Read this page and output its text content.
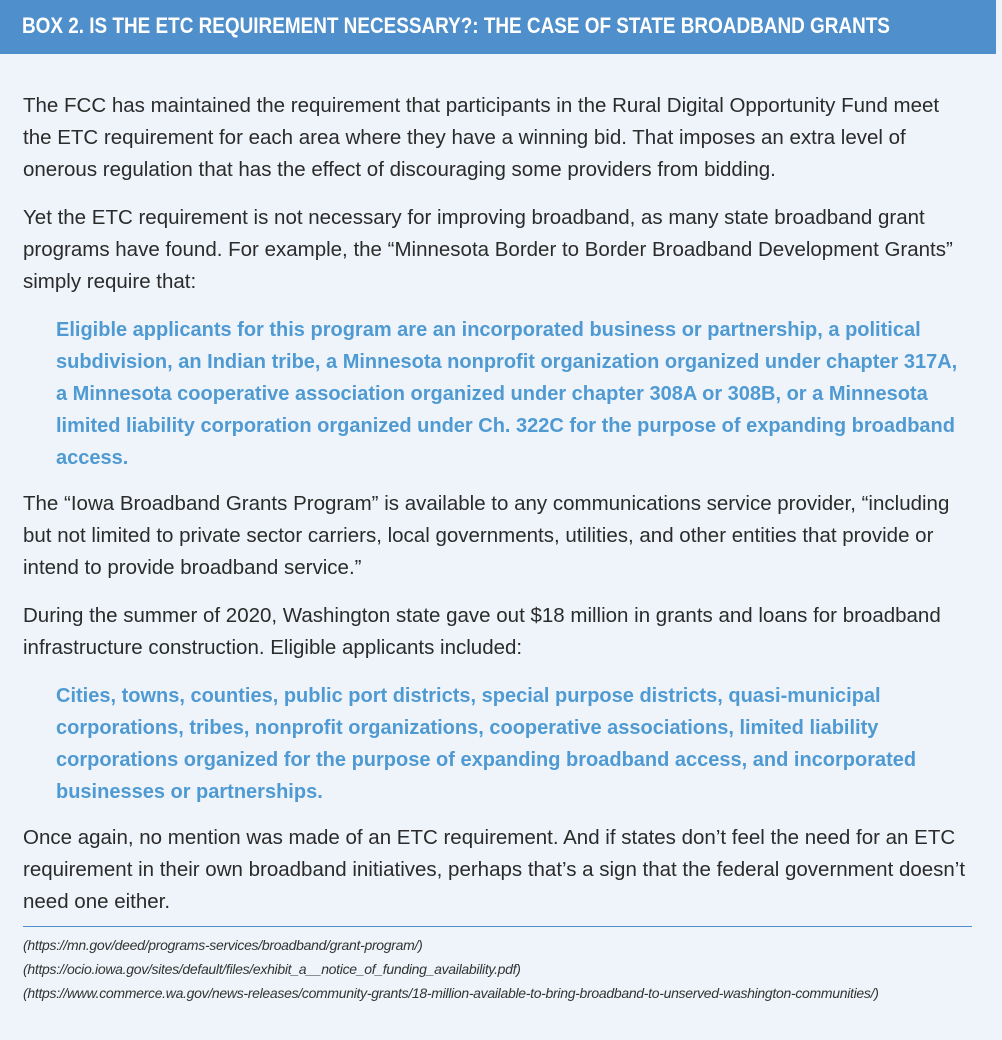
BOX 2. IS THE ETC REQUIREMENT NECESSARY?: THE CASE OF STATE BROADBAND GRANTS

The FCC has maintained the requirement that participants in the Rural Digital Opportunity Fund meet the ETC requirement for each area where they have a winning bid. That imposes an extra level of onerous regulation that has the effect of discouraging some providers from bidding.

Yet the ETC requirement is not necessary for improving broadband, as many state broadband grant programs have found. For example, the “Minnesota Border to Border Broadband Development Grants” simply require that:

Eligible applicants for this program are an incorporated business or partnership, a political subdivision, an Indian tribe, a Minnesota nonprofit organization organized under chapter 317A, a Minnesota cooperative association organized under chapter 308A or 308B, or a Minnesota limited liability corporation organized under Ch. 322C for the purpose of expanding broadband access.

The “Iowa Broadband Grants Program” is available to any communications service provider, “including but not limited to private sector carriers, local governments, utilities, and other entities that provide or intend to provide broadband service.”

During the summer of 2020, Washington state gave out $18 million in grants and loans for broadband infrastructure construction. Eligible applicants included:

Cities, towns, counties, public port districts, special purpose districts, quasi-municipal corporations, tribes, nonprofit organizations, cooperative associations, limited liability corporations organized for the purpose of expanding broadband access, and incorporated businesses or partnerships.

Once again, no mention was made of an ETC requirement. And if states don’t feel the need for an ETC requirement in their own broadband initiatives, perhaps that’s a sign that the federal government doesn’t need one either.

(https://mn.gov/deed/programs-services/broadband/grant-program/)
(https://ocio.iowa.gov/sites/default/files/exhibit_a__notice_of_funding_availability.pdf)
(https://www.commerce.wa.gov/news-releases/community-grants/18-million-available-to-bring-broadband-to-unserved-washington-communities/)
